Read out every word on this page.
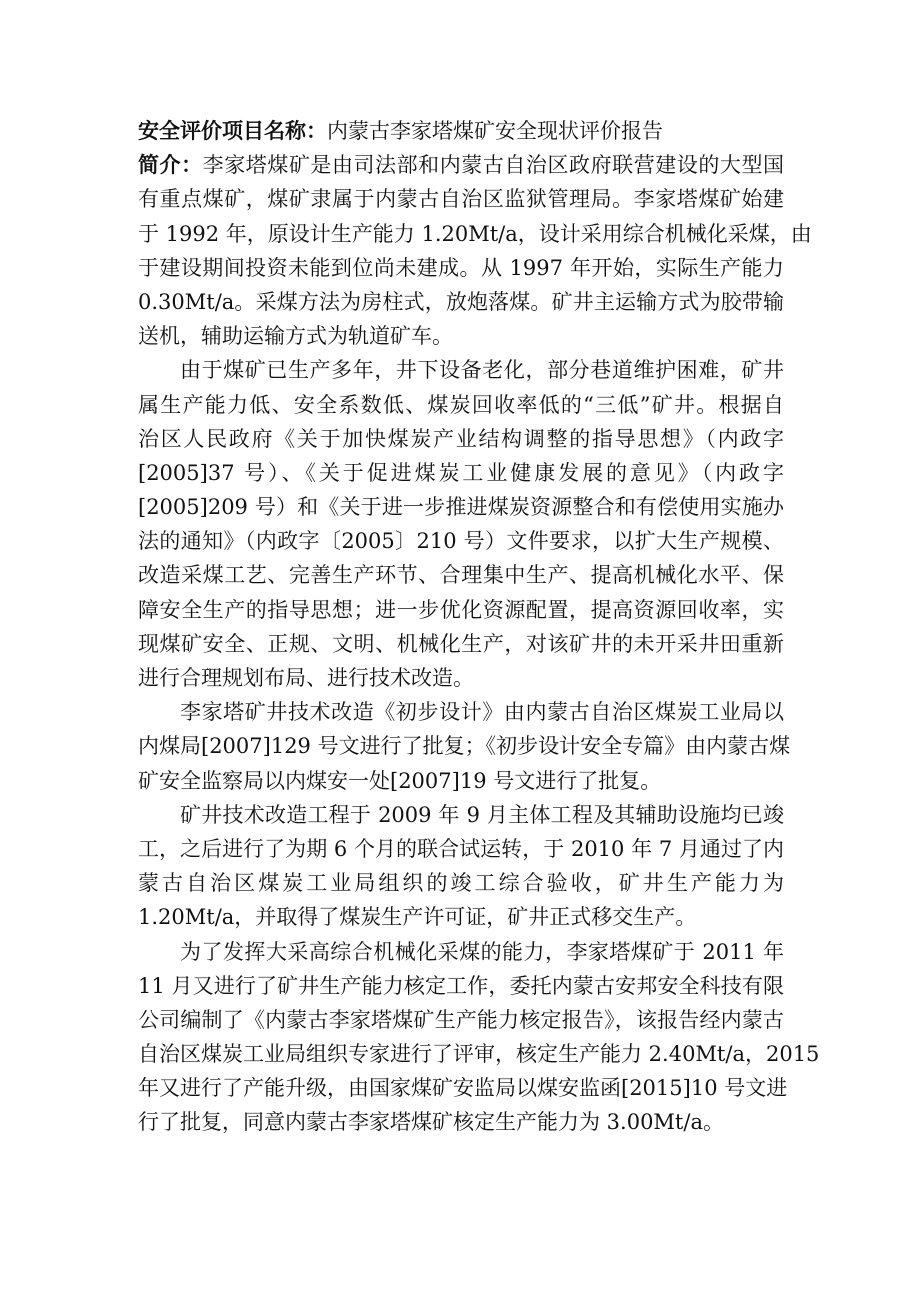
安全评价项目名称：内蒙古李家塔煤矿安全现状评价报告
简介：李家塔煤矿是由司法部和内蒙古自治区政府联营建设的大型国
有重点煤矿，煤矿隶属于内蒙古自治区监狱管理局。李家塔煤矿始建
于 1992 年，原设计生产能力 1.20Mt/a，设计采用综合机械化采煤，由
于建设期间投资未能到位尚未建成。从 1997 年开始，实际生产能力
0.30Mt/a。采煤方法为房柱式，放炮落煤。矿井主运输方式为胶带输
送机，辅助运输方式为轨道矿车。
由于煤矿已生产多年，井下设备老化，部分巷道维护困难，矿井
属生产能力低、安全系数低、煤炭回收率低的“三低”矿井。根据自
治区人民政府《关于加快煤炭产业结构调整的指导思想》（内政字
[2005]37 号）、《关于促进煤炭工业健康发展的意见》（内政字
[2005]209 号）和《关于进一步推进煤炭资源整合和有偿使用实施办
法的通知》（内政字〔2005〕210 号）文件要求，以扩大生产规模、
改造采煤工艺、完善生产环节、合理集中生产、提高机械化水平、保
障安全生产的指导思想；进一步优化资源配置，提高资源回收率，实
现煤矿安全、正规、文明、机械化生产，对该矿井的未开采井田重新
进行合理规划布局、进行技术改造。
李家塔矿井技术改造《初步设计》由内蒙古自治区煤炭工业局以
内煤局[2007]129 号文进行了批复；《初步设计安全专篇》由内蒙古煤
矿安全监察局以内煤安一处[2007]19 号文进行了批复。
矿井技术改造工程于 2009 年 9 月主体工程及其辅助设施均已竣
工，之后进行了为期 6 个月的联合试运转，于 2010 年 7 月通过了内
蒙古自治区煤炭工业局组织的竣工综合验收，矿井生产能力为
1.20Mt/a，并取得了煤炭生产许可证，矿井正式移交生产。
为了发挥大采高综合机械化采煤的能力，李家塔煤矿于 2011 年
11 月又进行了矿井生产能力核定工作，委托内蒙古安邦安全科技有限
公司编制了《内蒙古李家塔煤矿生产能力核定报告》，该报告经内蒙古
自治区煤炭工业局组织专家进行了评审，核定生产能力 2.40Mt/a，2015
年又进行了产能升级，由国家煤矿安监局以煤安监函[2015]10 号文进
行了批复，同意内蒙古李家塔煤矿核定生产能力为 3.00Mt/a。
